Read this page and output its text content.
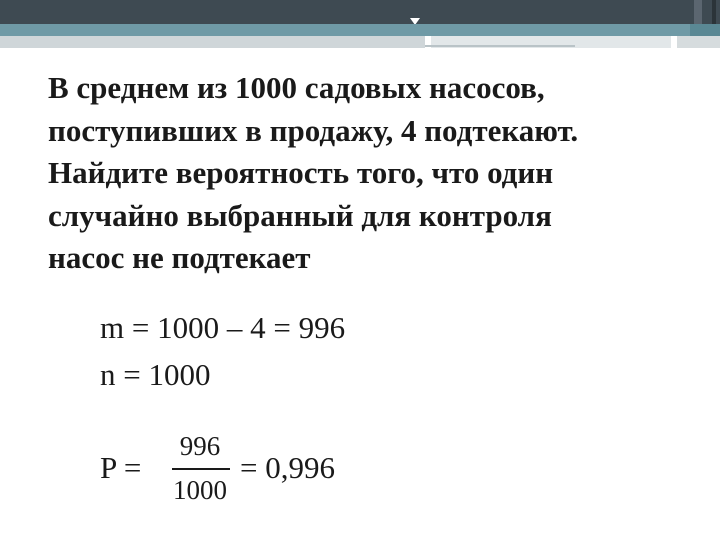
В среднем из 1000 садовых насосов,
поступивших в продажу, 4 подтекают.
Найдите вероятность того, что один
случайно выбранный для контроля
насос не подтекает
m = 1000 – 4 = 996
n = 1000
P =
996
1000
= 0,996
